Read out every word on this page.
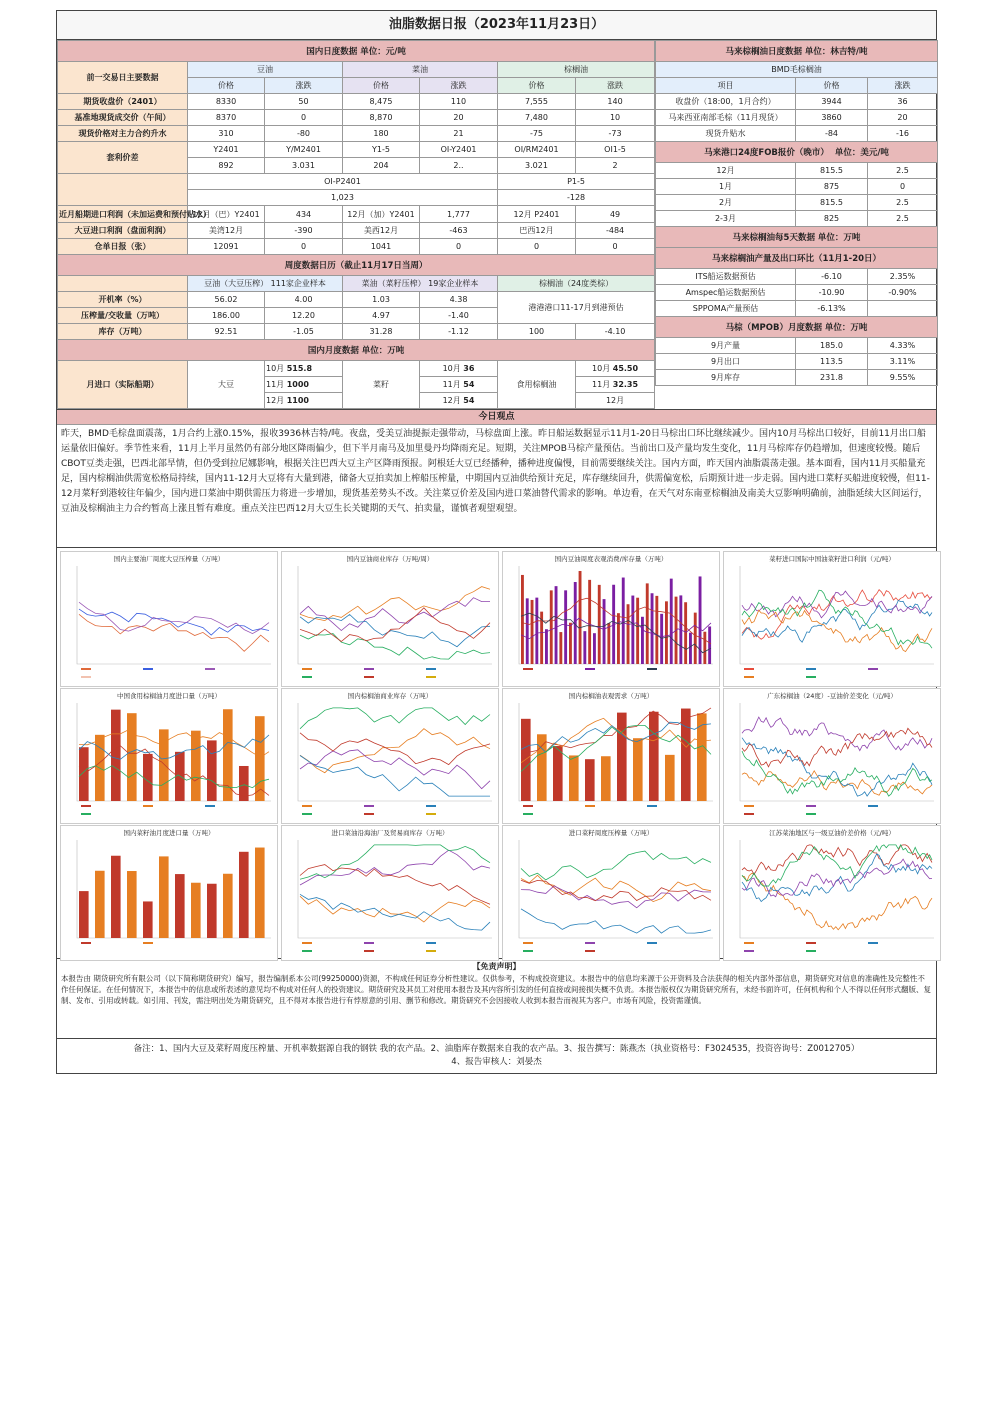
油脂数据日报（2023年11月23日）
国内日度数据 单位：元/吨						
前一交易日主要数据	豆油		菜油		棕榈油	
	价格	涨跌	价格	涨跌	价格	涨跌
期货收盘价（2401）	8330	50	8,475	110	7,555	140
基准地现货成交价（午间）	8370	0	8,870	20	7,480	10
现货价格对主力合约升水	310	-80	180	21	-75	-73
套利价差	Y2401	Y/M2401	Y1-5	OI-Y2401	OI/RM2401	OI1-5
	892	3.031	204	2..	3.021	2
	OI-P2401				P1-5	
	1,023				-128	
近月船期进口利润（未加运费和预付贴水）	12月（巴）Y2401	434	12月（加）Y2401	1,777	12月 P2401	49
大豆进口利润（盘面利润）	美湾12月	-390	美西12月	-463	巴西12月	-484
仓单日报（张）	12091	0	1041	0	0	0
周度数据日历（截止11月17日当周）						
	豆油（大豆压榨） 111家企业样本		菜油（菜籽压榨） 19家企业样本		棕榈油（24度类棕）	
开机率（%）	56.02	4.00	1.03	4.38	港港港口11-17月到港预估	
压榨量/交收量（万吨）	186.00	12.20	4.97	-1.40		
库存（万吨）	92.51	-1.05	31.28	-1.12	100	-4.10
国内月度数据 单位：万吨						
月进口（实际船期）	大豆	10月 515.8	菜籽	10月 36	食用棕榈油	10月 45.50
		11月 1000		11月 54		11月 32.35
		12月 1100		12月 54		12月
马来棕榈油日度数据 单位：林吉特/吨		
BMD毛棕榈油		
项目	价格	涨跌
收盘价（18:00，1月合约）	3944	36
马来西亚南部毛棕（11月现货）	3860	20
现货升贴水	-84	-16
马来港口24度FOB报价（晚市） 单位：美元/吨		
12月	815.5	2.5
1月	875	0
2月	815.5	2.5
2-3月	825	2.5
马来棕榈油每5天数据 单位：万吨		
马来棕榈油产量及出口环比（11月1-20日）		
ITS船运数据预估	-6.10	2.35%
Amspec船运数据预估	-10.90	-0.90%
SPPOMA产量预估	-6.13%	
马棕（MPOB）月度数据 单位：万吨		
9月产量	185.0	4.33%
9月出口	113.5	3.11%
9月库存	231.8	9.55%
今日观点
昨天，BMD毛棕盘面震荡，1月合约上涨0.15%，报收3936林吉特/吨。夜盘，受美豆油提振走强带动，马棕盘面上涨。昨日船运数据显示11月1-20日马棕出口环比继续减少。国内10月马棕出口较好，目前11月出口船运量依旧偏好。季节性来看，11月上半月虽然仍有部分地区降雨偏少，但下半月南马及加里曼丹均降雨充足。短期，关注MPOB马棕产量预估。当前出口及产量均发生变化，11月马棕库存仍趋增加，但速度较慢。随后CBOT豆类走强，巴西北部旱情，但仍受到拉尼娜影响，根据关注巴西大豆主产区降雨预报。阿根廷大豆已经播种，播种进度偏慢，目前需要继续关注。国内方面，昨天国内油脂震荡走强。基本面看，国内11月买船量充足，国内棕榈油供需宽松格局持续，国内11-12月大豆将有大量到港，储备大豆拍卖加上榨船压榨量，中期国内豆油供给预计充足，库存继续回升，供需偏宽松，后期预计进一步走弱。国内进口菜籽买船进度较慢，但11-12月菜籽到港较往年偏少，国内进口菜油中期供需压力将进一步增加，现货基差势头不改。关注菜豆价差及国内进口菜油替代需求的影响。单边看，在天气对东南亚棕榈油及南美大豆影响明确前，油脂延续大区间运行，豆油及棕榈油主力合约暂高上涨且暂有难度。重点关注巴西12月大豆生长关键期的天气、拍卖量，谨慎者观望观望。
国内主要油厂周度大豆压榨量（万吨）	国内豆油商业库存（万吨/周）	国内豆油周度表观消费/库存量（万吨）	菜籽进口国际中国油菜籽进口利润（元/吨）
中国食用棕榈油月度进口量（万吨）	国内棕榈油商业库存（万吨）	国内棕榈油表观需求（万吨）	广东棕榈油（24度）-豆油价差变化（元/吨）
国内菜籽油月度进口量（万吨）	进口菜油沿海油厂及贸易商库存（万吨）	进口菜籽周度压榨量（万吨）	江苏菜油地区与一级豆油价差价格（元/吨）
【免责声明】
本报告由 期货研究所有限公司（以下简称期货研究）编写，报告编制系本公司(99250000)资源，不构成任何证券分析性建议。仅供参考，不构成投资建议。本报告中的信息均来源于公开资料及合法获得的相关内部外部信息，期货研究对信息的准确性及完整性不作任何保证。在任何情况下，本报告中的信息或所表述的意见均不构成对任何人的投资建议。期货研究及其员工对使用本报告及其内容所引发的任何直接或间接损失概不负责。本报告版权仅为期货研究所有，未经书面许可，任何机构和个人不得以任何形式翻版、复制、发布、引用或转载。如引用、刊发，需注明出处为期货研究，且不得对本报告进行有悖原意的引用、删节和修改。期货研究不会因接收人收到本报告而视其为客户。市场有风险，投资需谨慎。
备注：1、国内大豆及菜籽周度压榨量、开机率数据源自我的钢铁 我的农产品。2、油脂库存数据来自我的农产品。3、报告撰写：陈燕杰（执业资格号：F3024535，投资咨询号：Z0012705）
4、报告审核人：刘晏杰
